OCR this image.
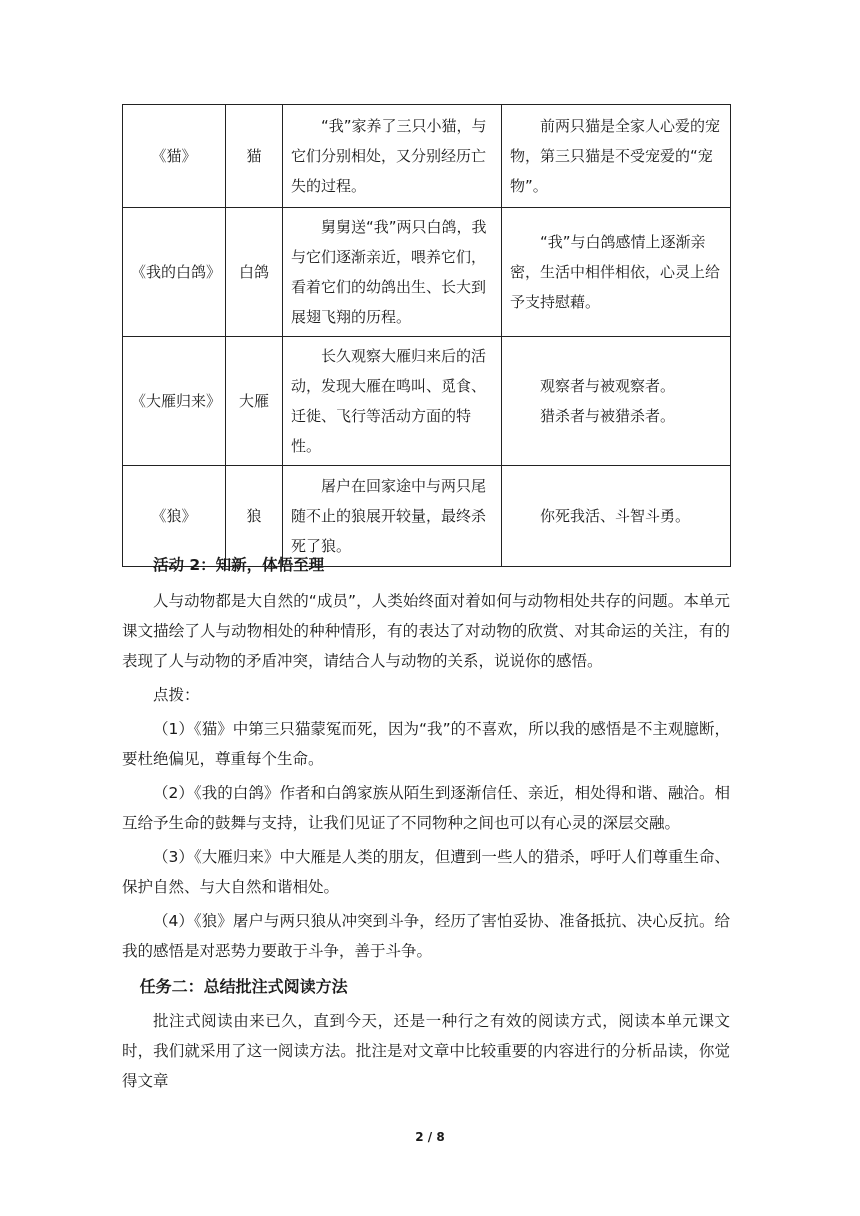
《猫》	猫	“我”家养了三只小猫，与它们分别相处，又分别经历亡失的过程。	前两只猫是全家人心爱的宠物，第三只猫是不受宠爱的“宠物”。

《我的白鸽》	白鸽	舅舅送“我”两只白鸽，我与它们逐渐亲近，喂养它们，看着它们的幼鸽出生、长大到展翅飞翔的历程。	“我”与白鸽感情上逐渐亲密，生活中相伴相依，心灵上给予支持慰藉。

《大雁归来》	大雁	长久观察大雁归来后的活动，发现大雁在鸣叫、觅食、迁徙、飞行等活动方面的特性。	观察者与被观察者。
猎杀者与被猎杀者。

《狼》	狼	屠户在回家途中与两只尾随不止的狼展开较量，最终杀死了狼。	你死我活、斗智斗勇。

活动 2：知新，体悟至理

人与动物都是大自然的“成员”，人类始终面对着如何与动物相处共存的问题。本单元课文描绘了人与动物相处的种种情形，有的表达了对动物的欣赏、对其命运的关注，有的表现了人与动物的矛盾冲突，请结合人与动物的关系，说说你的感悟。

点拨：

（1）《猫》中第三只猫蒙冤而死，因为“我”的不喜欢，所以我的感悟是不主观臆断，要杜绝偏见，尊重每个生命。

（2）《我的白鸽》作者和白鸽家族从陌生到逐渐信任、亲近，相处得和谐、融洽。相互给予生命的鼓舞与支持，让我们见证了不同物种之间也可以有心灵的深层交融。

（3）《大雁归来》中大雁是人类的朋友，但遭到一些人的猎杀，呼吁人们尊重生命、保护自然、与大自然和谐相处。

（4）《狼》屠户与两只狼从冲突到斗争，经历了害怕妥协、准备抵抗、决心反抗。给我的感悟是对恶势力要敢于斗争，善于斗争。

任务二：总结批注式阅读方法

批注式阅读由来已久，直到今天，还是一种行之有效的阅读方式，阅读本单元课文时，我们就采用了这一阅读方法。批注是对文章中比较重要的内容进行的分析品读，你觉得文章

2 / 8
